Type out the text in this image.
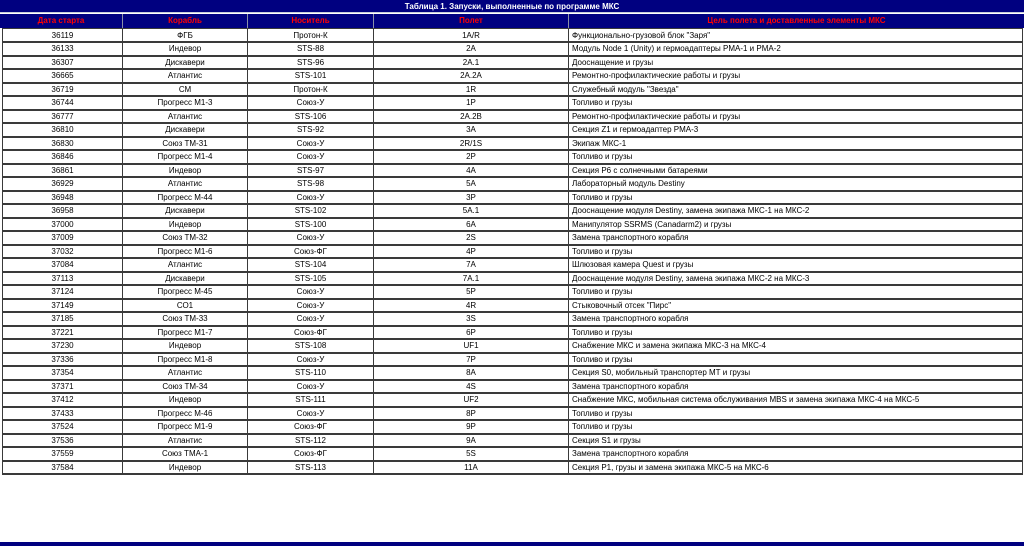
Таблица 1. Запуски, выполненные по программе МКС
Дата старта	Корабль	Носитель	Полет	Цель полета и доставленные элементы МКС
36119	ФГБ	Протон-К	1A/R	Функционально-грузовой блок "Заря"
36133	Индевор	STS-88	2A	Модуль Node 1 (Unity) и гермоадаптеры PMA-1 и PMA-2
36307	Дискавери	STS-96	2A.1	Дооснащение и грузы
36665	Атлантис	STS-101	2A.2A	Ремонтно-профилактические работы и грузы
36719	СМ	Протон-К	1R	Служебный модуль "Звезда"
36744	Прогресс М1-3	Союз-У	1P	Топливо и грузы
36777	Атлантис	STS-106	2A.2B	Ремонтно-профилактические работы и грузы
36810	Дискавери	STS-92	3A	Секция Z1 и гермоадаптер PMA-3
36830	Союз ТМ-31	Союз-У	2R/1S	Экипаж МКС-1
36846	Прогресс М1-4	Союз-У	2P	Топливо и грузы
36861	Индевор	STS-97	4A	Секция P6 с солнечными батареями
36929	Атлантис	STS-98	5A	Лабораторный модуль Destiny
36948	Прогресс М-44	Союз-У	3P	Топливо и грузы
36958	Дискавери	STS-102	5A.1	Дооснащение модуля Destiny, замена экипажа МКС-1 на МКС-2
37000	Индевор	STS-100	6A	Манипулятор SSRMS (Canadarm2) и грузы
37009	Союз ТМ-32	Союз-У	2S	Замена транспортного корабля
37032	Прогресс М1-6	Союз-ФГ	4P	Топливо и грузы
37084	Атлантис	STS-104	7A	Шлюзовая камера Quest и грузы
37113	Дискавери	STS-105	7A.1	Дооснащение модуля Destiny, замена экипажа МКС-2 на МКС-3
37124	Прогресс М-45	Союз-У	5P	Топливо и грузы
37149	СО1	Союз-У	4R	Стыковочный отсек "Пирс"
37185	Союз ТМ-33	Союз-У	3S	Замена транспортного корабля
37221	Прогресс М1-7	Союз-ФГ	6P	Топливо и грузы
37230	Индевор	STS-108	UF1	Снабжение МКС и замена экипажа МКС-3 на МКС-4
37336	Прогресс М1-8	Союз-У	7P	Топливо и грузы
37354	Атлантис	STS-110	8A	Секция S0, мобильный транспортер МТ и грузы
37371	Союз ТМ-34	Союз-У	4S	Замена транспортного корабля
37412	Индевор	STS-111	UF2	Снабжение МКС, мобильная система обслуживания MBS и замена экипажа МКС-4 на МКС-5
37433	Прогресс М-46	Союз-У	8P	Топливо и грузы
37524	Прогресс М1-9	Союз-ФГ	9P	Топливо и грузы
37536	Атлантис	STS-112	9A	Секция S1 и грузы
37559	Союз ТМА-1	Союз-ФГ	5S	Замена транспортного корабля
37584	Индевор	STS-113	11A	Секция P1, грузы и замена экипажа МКС-5 на МКС-6
